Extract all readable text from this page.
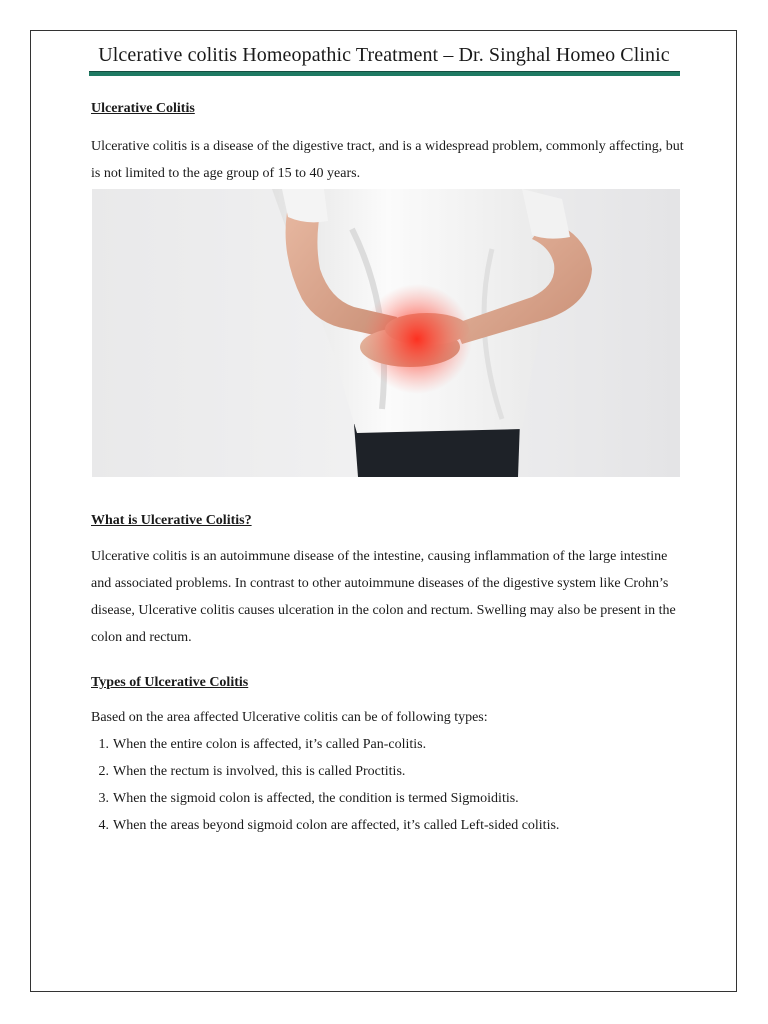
Ulcerative colitis Homeopathic Treatment – Dr. Singhal Homeo Clinic
Ulcerative Colitis
Ulcerative colitis is a disease of the digestive tract, and is a widespread problem, commonly affecting, but is not limited to the age group of 15 to 40 years.
What is Ulcerative Colitis?
Ulcerative colitis is an autoimmune disease of the intestine, causing inflammation of the large intestine and associated problems. In contrast to other autoimmune diseases of the digestive system like Crohn’s disease, Ulcerative colitis causes ulceration in the colon and rectum. Swelling may also be present in the colon and rectum.
Types of Ulcerative Colitis
Based on the area affected Ulcerative colitis can be of following types:
1. When the entire colon is affected, it’s called Pan-colitis.
2. When the rectum is involved, this is called Proctitis.
3. When the sigmoid colon is affected, the condition is termed Sigmoiditis.
4. When the areas beyond sigmoid colon are affected, it’s called Left-sided colitis.
